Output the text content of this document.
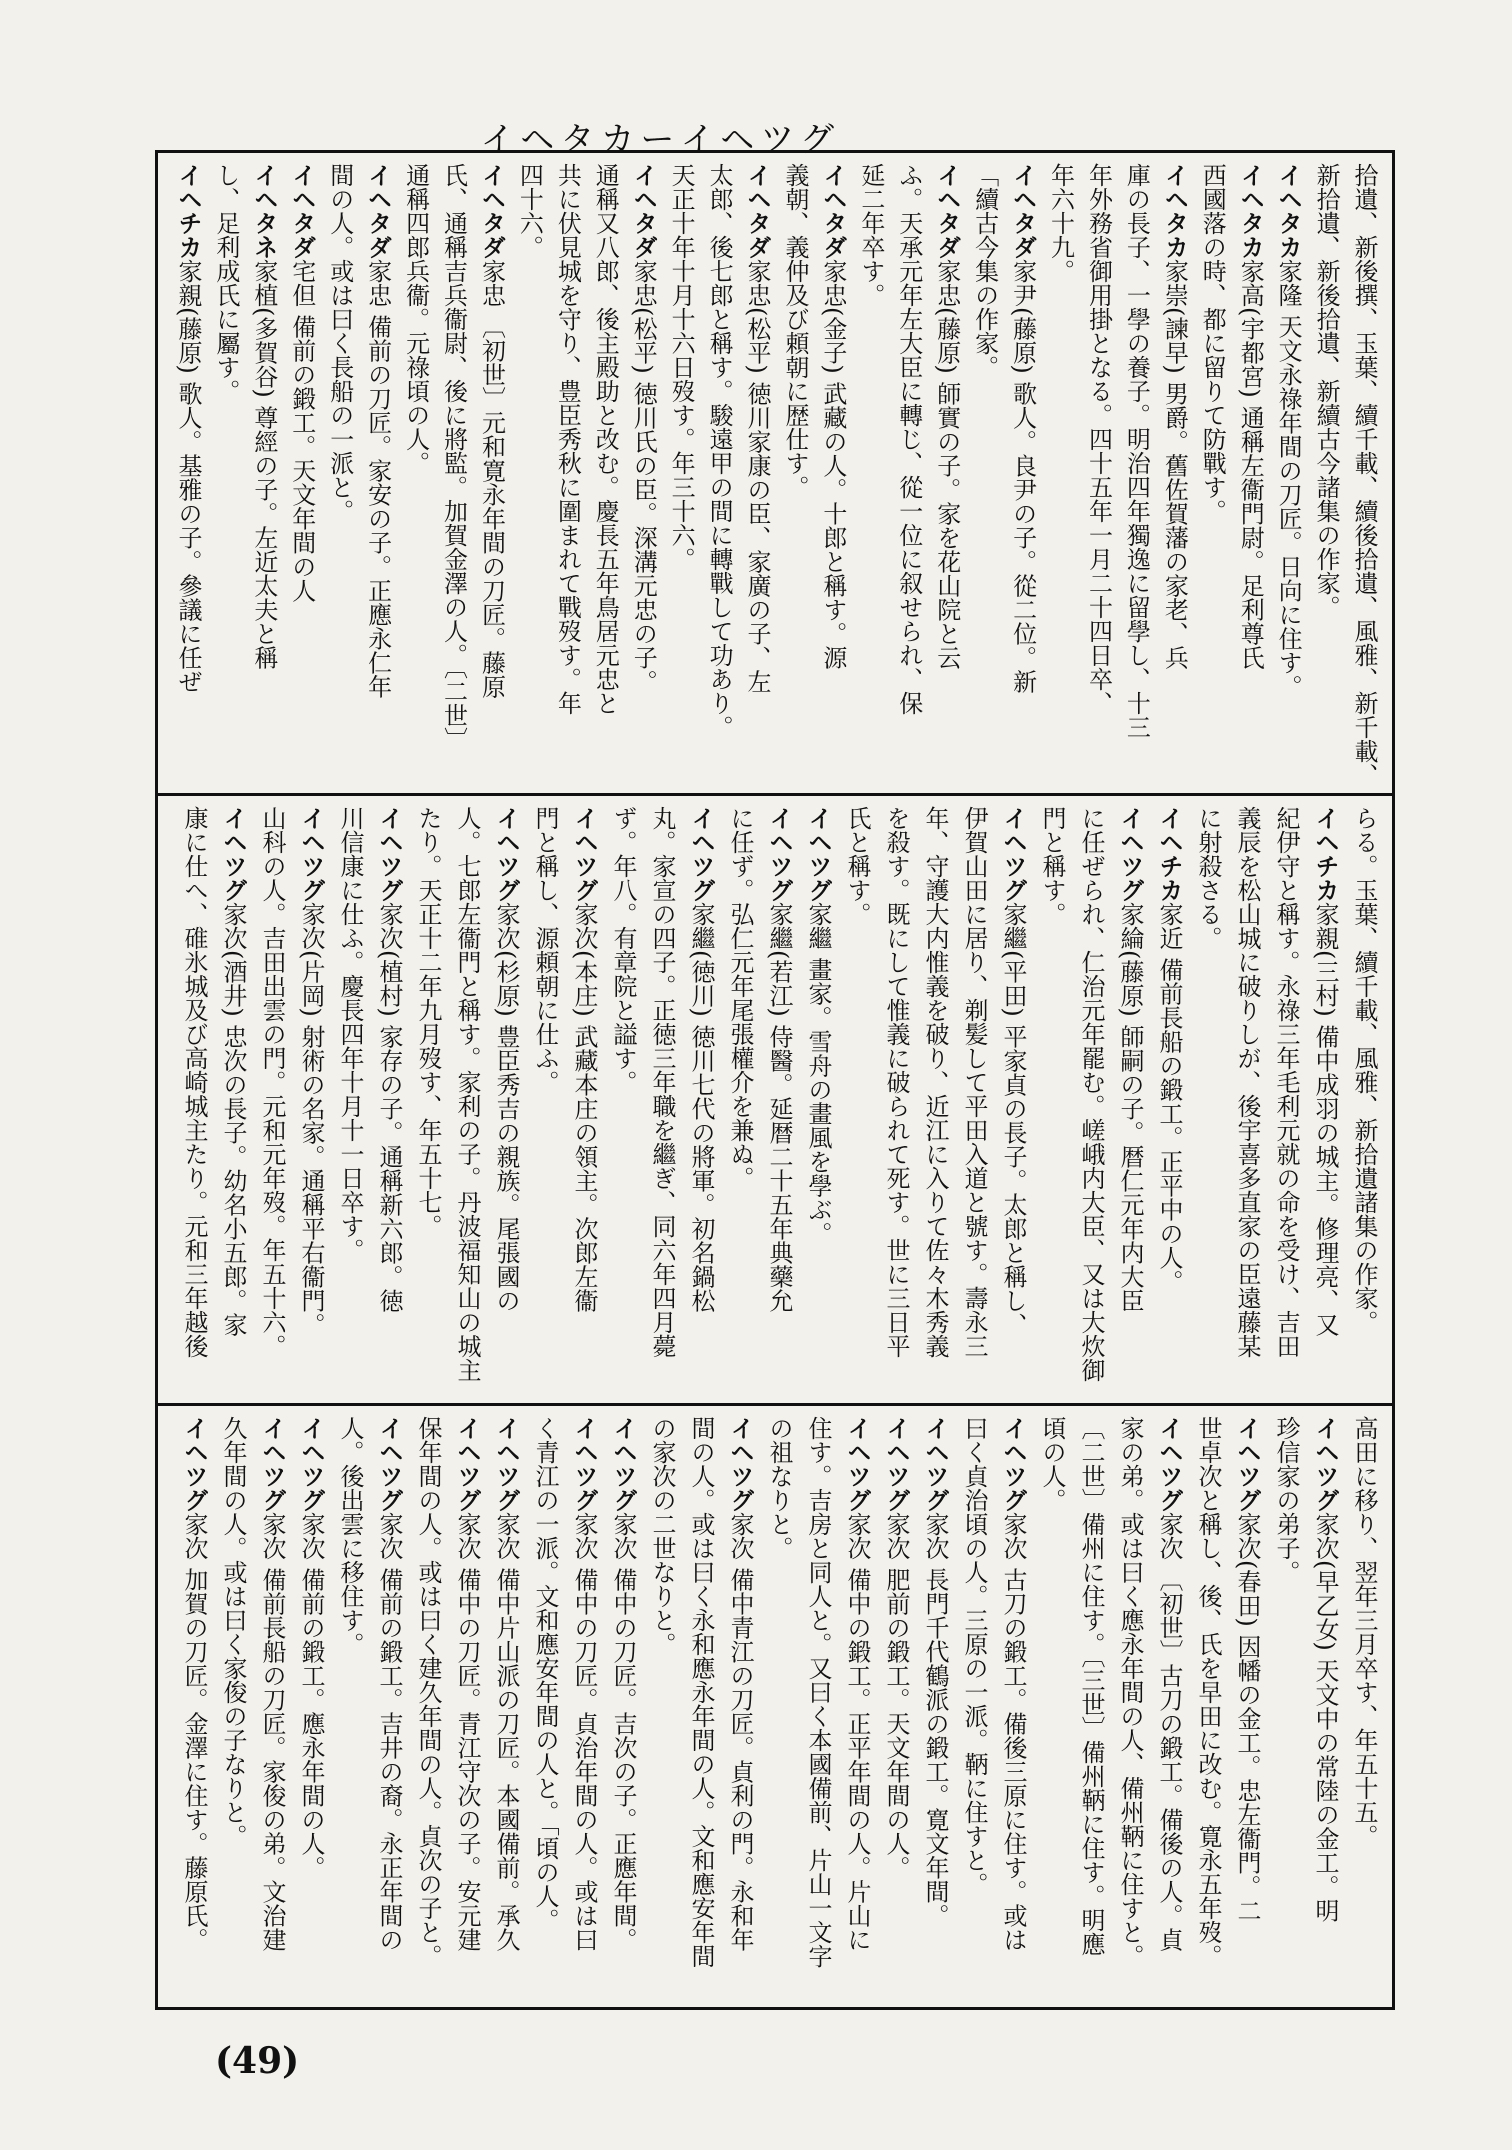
イヘタカーイヘツグ
拾遺、新後撰、玉葉、續千載、續後拾遺、風雅、新千載、
新拾遺、新後拾遺、新續古今諸集の作家。
イヘタカ家隆 天文永祿年間の刀匠。日向に住す。
イヘタカ家高(宇都宮) 通稱左衞門尉。足利尊氏
西國落の時、都に留りて防戰す。
イヘタカ家崇(諫早) 男爵。舊佐賀藩の家老、兵
庫の長子、一學の養子。明治四年獨逸に留學し、十三
年外務省御用掛となる。四十五年一月二十四日卒、
年六十九。
イヘタダ家尹(藤原) 歌人。良尹の子。從二位。新
「續古今集の作家。
イヘタダ家忠(藤原) 師實の子。家を花山院と云
ふ。天承元年左大臣に轉じ、從一位に叙せられ、保
延二年卒す。
イヘタダ家忠(金子) 武藏の人。十郎と稱す。源
義朝、義仲及び頼朝に歴仕す。
イヘタダ家忠(松平) 徳川家康の臣、家廣の子、左
太郎、後七郎と稱す。駿遠甲の間に轉戰して功あり。
天正十年十月十六日歿す。年三十六。
イヘタダ家忠(松平) 徳川氏の臣。深溝元忠の子。
通稱又八郎、後主殿助と改む。慶長五年鳥居元忠と
共に伏見城を守り、豊臣秀秋に圍まれて戰歿す。年
四十六。
イヘタダ家忠 〔初世〕元和寛永年間の刀匠。藤原
氏、通稱吉兵衞尉、後に將監。加賀金澤の人。〔二世〕
通稱四郎兵衞。元祿頃の人。
イヘタダ家忠 備前の刀匠。家安の子。正應永仁年
間の人。或は曰く長船の一派と。
イヘタダ宅但 備前の鍛工。天文年間の人
イヘタネ家植(多賀谷) 尊經の子。左近太夫と稱
し、足利成氏に屬す。
イヘチカ家親(藤原) 歌人。基雅の子。參議に任ぜ
らる。玉葉、續千載、風雅、新拾遺諸集の作家。
イヘチカ家親(三村) 備中成羽の城主。修理亮、又
紀伊守と稱す。永祿三年毛利元就の命を受け、吉田
義辰を松山城に破りしが、後宇喜多直家の臣遠藤某
に射殺さる。
イヘチカ家近 備前長船の鍛工。正平中の人。
イヘツグ家綸(藤原) 師嗣の子。暦仁元年内大臣
に任ぜられ、仁治元年罷む。嵯峨内大臣、又は大炊御
門と稱す。
イヘツグ家繼(平田) 平家貞の長子。太郎と稱し、
伊賀山田に居り、剃髪して平田入道と號す。壽永三
年、守護大内惟義を破り、近江に入りて佐々木秀義
を殺す。既にして惟義に破られて死す。世に三日平
氏と稱す。
イヘツグ家繼 畫家。雪舟の畫風を學ぶ。
イヘツグ家繼(若江) 侍醫。延暦二十五年典藥允
に任ず。弘仁元年尾張權介を兼ぬ。
イヘツグ家繼(徳川) 徳川七代の將軍。初名鍋松
丸。家宣の四子。正徳三年職を繼ぎ、同六年四月薨
ず。年八。有章院と謚す。
イヘツグ家次(本庄) 武藏本庄の領主。次郎左衞
門と稱し、源頼朝に仕ふ。
イヘツグ家次(杉原) 豊臣秀吉の親族。尾張國の
人。七郎左衞門と稱す。家利の子。丹波福知山の城主
たり。天正十二年九月歿す、年五十七。
イヘツグ家次(植村) 家存の子。通稱新六郎。徳
川信康に仕ふ。慶長四年十月十一日卒す。
イヘツグ家次(片岡) 射術の名家。通稱平右衞門。
山科の人。吉田出雲の門。元和元年歿。年五十六。
イヘツグ家次(酒井) 忠次の長子。幼名小五郎。家
康に仕へ、碓氷城及び高崎城主たり。元和三年越後
高田に移り、翌年三月卒す、年五十五。
イヘツグ家次(早乙女) 天文中の常陸の金工。明
珍信家の弟子。
イヘツグ家次(春田) 因幡の金工。忠左衞門。二
世卓次と稱し、後、氏を早田に改む。寛永五年歿。
イヘツグ家次 〔初世〕古刀の鍛工。備後の人。貞
家の弟。或は曰く應永年間の人、備州鞆に住すと。
〔二世〕備州に住す。〔三世〕備州鞆に住す。明應
頃の人。
イヘツグ家次 古刀の鍛工。備後三原に住す。或は
曰く貞治頃の人。三原の一派。鞆に住すと。
イヘツグ家次 長門千代鶴派の鍛工。寛文年間。
イヘツグ家次 肥前の鍛工。天文年間の人。
イヘツグ家次 備中の鍛工。正平年間の人。片山に
住す。吉房と同人と。又曰く本國備前、片山一文字
の祖なりと。
イヘツグ家次 備中青江の刀匠。貞利の門。永和年
間の人。或は曰く永和應永年間の人。文和應安年間
の家次の二世なりと。
イヘツグ家次 備中の刀匠。吉次の子。正應年間。
イヘツグ家次 備中の刀匠。貞治年間の人。或は曰
く青江の一派。文和應安年間の人と。「頃の人。
イヘツグ家次 備中片山派の刀匠。本國備前。承久
イヘツグ家次 備中の刀匠。青江守次の子。安元建
保年間の人。或は曰く建久年間の人。貞次の子と。
イヘツグ家次 備前の鍛工。吉井の裔。永正年間の
人。後出雲に移住す。
イヘツグ家次 備前の鍛工。應永年間の人。
イヘツグ家次 備前長船の刀匠。家俊の弟。文治建
久年間の人。或は曰く家俊の子なりと。
イヘツグ家次 加賀の刀匠。金澤に住す。藤原氏。
(49)
